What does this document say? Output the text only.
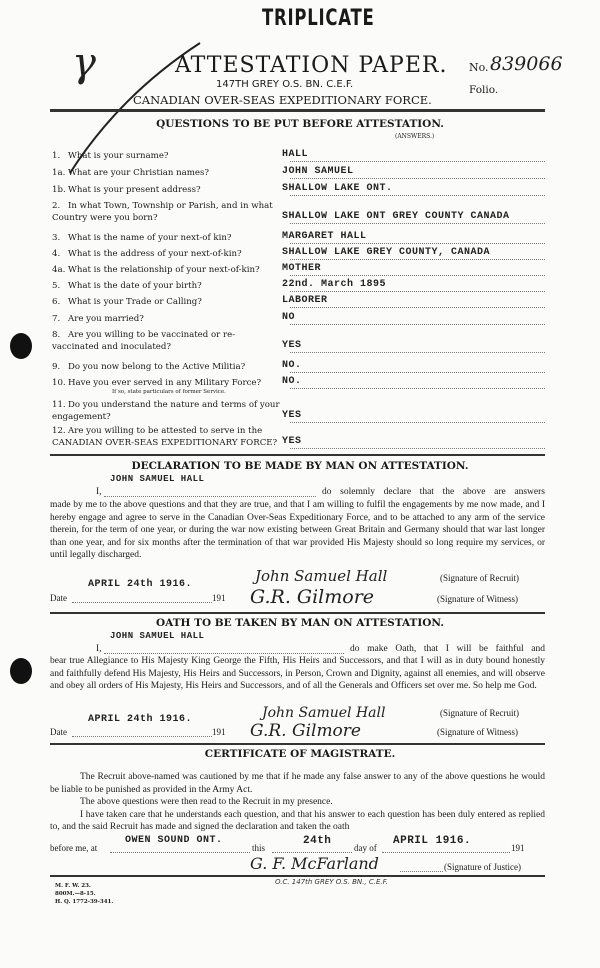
TRIPLICATE
γ	ATTESTATION PAPER. No. 839066
Folio.
147TH GREY O.S. BN. C.E.F.
CANADIAN OVER-SEAS EXPEDITIONARY FORCE.
QUESTIONS TO BE PUT BEFORE ATTESTATION.
(ANSWERS.)
1. What is your surname?	HALL
1a. What are your Christian names?	JOHN SAMUEL
1b. What is your present address?	SHALLOW LAKE ONT.
2. In what Town, Township or Parish, and in what Country were you born?	SHALLOW LAKE ONT GREY COUNTY CANADA
3. What is the name of your next-of kin?	MARGARET HALL
4. What is the address of your next-of-kin?	SHALLOW LAKE GREY COUNTY, CANADA
4a. What is the relationship of your next-of-kin?	MOTHER
5. What is the date of your birth?	22nd. March 1895
6. What is your Trade or Calling?	LABORER
7. Are you married?	NO
8. Are you willing to be vaccinated or re-vaccinated and inoculated?	YES
9. Do you now belong to the Active Militia?	NO.
10. Have you ever served in any Military Force?
If so, state particulars of former Service.
NO.
11. Do you understand the nature and terms of your engagement?	YES
12. Are you willing to be attested to serve in the CANADIAN OVER-SEAS EXPEDITIONARY FORCE? YES
DECLARATION TO BE MADE BY MAN ON ATTESTATION.
JOHN SAMUEL HALL
I,	do solemnly declare that the above are answers
made by me to the above questions and that they are true, and that I am willing to fulfil the engagements by me now made, and I hereby engage and agree to serve in the Canadian Over-Seas Expeditionary Force, and to be attached to any arm of the service therein, for the term of one year, or during the war now existing between Great Britain and Germany should that war last longer than one year, and for six months after the termination of that war provided His Majesty should so long require my services, or until legally discharged.
John Samuel Hall	(Signature of Recruit)
APRIL 24th 1916.
Date	191 G.R. Gilmore	(Signature of Witness)
OATH TO BE TAKEN BY MAN ON ATTESTATION.
JOHN SAMUEL HALL
I,	do make Oath, that I will be faithful and
bear true Allegiance to His Majesty King George the Fifth, His Heirs and Successors, and that I will as in duty bound honestly and faithfully defend His Majesty, His Heirs and Successors, in Person, Crown and Dignity, against all enemies, and will observe and obey all orders of His Majesty, His Heirs and Successors, and of all the Generals and Officers set over me. So help me God.
John Samuel Hall	(Signature of Recruit)
APRIL 24th 1916.
Date	191 G.R. Gilmore	(Signature of Witness)
CERTIFICATE OF MAGISTRATE.
The Recruit above-named was cautioned by me that if he made any false answer to any of the above questions he would be liable to be punished as provided in the Army Act.
The above questions were then read to the Recruit in my presence.
I have taken care that he understands each question, and that his answer to each question has been duly entered as replied to, and the said Recruit has made and signed the declaration and taken the oath
before me, at
OWEN SOUND ONT.
this
24th
day of
APRIL 1916.
191
G. F. McFarland	(Signature of Justice)
O.C. 147th GREY O.S. BN., C.E.F.
M. F. W. 23.
800M.—8-15.
H. Q. 1772-39-341.
